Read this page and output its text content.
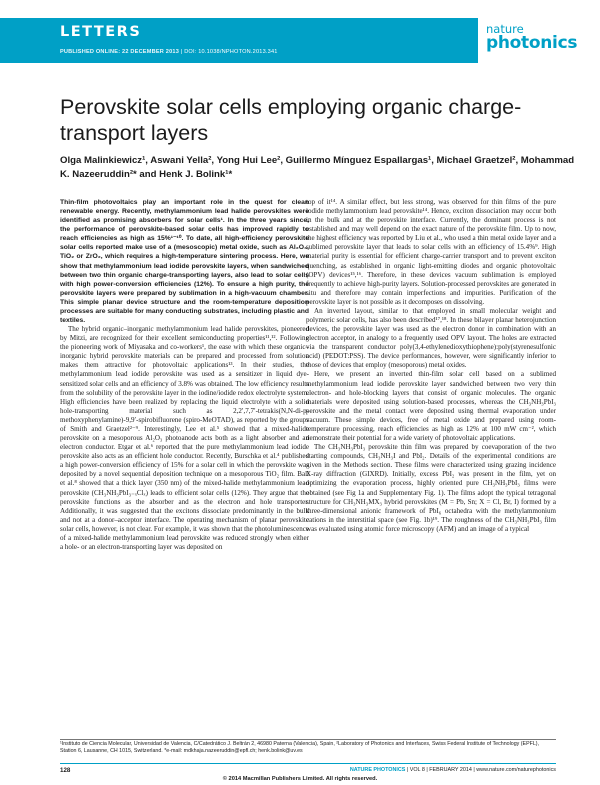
LETTERS
PUBLISHED ONLINE: 22 DECEMBER 2013 | DOI: 10.1038/NPHOTON.2013.341
nature
photonics
Perovskite solar cells employing organic charge-transport layers
Olga Malinkiewicz¹, Aswani Yella², Yong Hui Lee², Guillermo Mínguez Espallargas¹, Michael Graetzel², Mohammad K. Nazeeruddin²* and Henk J. Bolink¹*

Thin-film photovoltaics play an important role in the quest for clean renewable energy. Recently, methylammonium lead halide perovskites were identified as promising absorbers for solar cells¹. In the three years since, the performance of perovskite-based solar cells has improved rapidly to reach efficiencies as high as 15%¹⁻¹⁰. To date, all high-efficiency perovskite solar cells reported make use of a (mesoscopic) metal oxide, such as Al₂O₃, TiO₂ or ZrO₂, which requires a high-temperature sintering process. Here, we show that methylammonium lead iodide perovskite layers, when sandwiched between two thin organic charge-transporting layers, also lead to solar cells with high power-conversion efficiencies (12%). To ensure a high purity, the perovskite layers were prepared by sublimation in a high-vacuum chamber. This simple planar device structure and the room-temperature deposition processes are suitable for many conducting substrates, including plastic and textiles.

The hybrid organic–inorganic methylammonium lead halide perovskites, pioneered by Mitzi, are recognized for their excellent semiconducting properties¹¹,¹². Following the pioneering work of Miyasaka and co-workers¹, the ease with which these organic–inorganic hybrid perovskite materials can be prepared and processed from solution makes them attractive for photovoltaic applications¹³. In their studies, the methylammonium lead iodide perovskite was used as a sensitizer in liquid dye-sensitized solar cells and an efficiency of 3.8% was obtained. The low efficiency results from the solubility of the perovskite layer in the iodine/iodide redox electrolyte system. High efficiencies have been realized by replacing the liquid electrolyte with a solid hole-transporting material such as 2,2′,7,7′-tetrakis(N,N-di-p-methoxyphenylamine)-9,9′-spirobifluorene (spiro-MeOTAD), as reported by the groups of Smith and Graetzel²⁻⁹. Interestingly, Lee et al.⁵ showed that a mixed-halide perovskite on a mesoporous Al₂O₃ photoanode acts both as a light absorber and an electron conductor. Etgar et al.⁶ reported that the pure methylammonium lead iodide perovskite also acts as an efficient hole conductor. Recently, Burschka et al.⁴ published a high power-conversion efficiency of 15% for a solar cell in which the perovskite was deposited by a novel sequential deposition technique on a mesoporous TiO₂ film. Ball et al.⁸ showed that a thick layer (350 nm) of the mixed-halide methylammonium lead perovskite (CH₃NH₃PbI₃₋ₓClₓ) leads to efficient solar cells (12%). They argue that the perovskite functions as the absorber and as the electron and hole transporter. Additionally, it was suggested that the excitons dissociate predominantly in the bulk and not at a donor–acceptor interface. The operating mechanism of planar perovskite solar cells, however, is not clear. For example, it was shown that the photoluminescence of a mixed-halide methylammonium lead perovskite was reduced strongly when either a hole- or an electron-transporting layer was deposited on

top of it¹⁴. A similar effect, but less strong, was observed for thin films of the pure iodide methylammonium lead perovskite¹⁴. Hence, exciton dissociation may occur both in the bulk and at the perovskite interface. Currently, the dominant process is not established and may well depend on the exact nature of the perovskite film. Up to now, the highest efficiency was reported by Liu et al., who used a thin metal oxide layer and a sublimed perovskite layer that leads to solar cells with an efficiency of 15.4%⁹. High material purity is essential for efficient charge-carrier transport and to prevent exciton quenching, as established in organic light-emitting diodes and organic photovoltaic (OPV) devices¹⁵,¹⁶. Therefore, in these devices vacuum sublimation is employed frequently to achieve high-purity layers. Solution-processed perovskites are generated in situ and therefore may contain imperfections and impurities. Purification of the perovskite layer is not possible as it decomposes on dissolving.

An inverted layout, similar to that employed in small molecular weight and polymeric solar cells, has also been described¹⁷,¹⁸. In these bilayer planar heterojunction devices, the perovskite layer was used as the electron donor in combination with an electron acceptor, in analogy to a frequently used OPV layout. The holes are extracted via the transparent conductor poly(3,4-ethylenedioxythiophene):poly(styrenesulfonic acid) (PEDOT:PSS). The device performances, however, were significantly inferior to those of devices that employ (mesoporous) metal oxides.

Here, we present an inverted thin-film solar cell based on a sublimed methylammonium lead iodide perovskite layer sandwiched between two very thin electron- and hole-blocking layers that consist of organic molecules. The organic materials were deposited using solution-based processes, whereas the CH₃NH₃PbI₃ perovskite and the metal contact were deposited using thermal evaporation under vacuum. These simple devices, free of metal oxide and prepared using room-temperature processing, reach efficiencies as high as 12% at 100 mW cm⁻², which demonstrate their potential for a wide variety of photovoltaic applications.

The CH₃NH₃PbI₃ perovskite thin film was prepared by coevaporation of the two starting compounds, CH₃NH₃I and PbI₂. Details of the experimental conditions are given in the Methods section. These films were characterized using grazing incidence X-ray diffraction (GIXRD). Initially, excess PbI₂ was present in the film, yet on optimizing the evaporation process, highly oriented pure CH₃NH₃PbI₃ films were obtained (see Fig 1a and Supplementary Fig. 1). The films adopt the typical tetragonal structure for CH₃NH₃MX₃ hybrid perovskites (M = Pb, Sn; X = Cl, Br, I) formed by a three-dimensional anionic framework of PbI₆ octahedra with the methylammonium cations in the interstitial space (see Fig. 1b)¹⁹. The roughness of the CH₃NH₃PbI₃ film was evaluated using atomic force microscopy (AFM) and an image of a typical

¹Instituto de Ciencia Molecular, Universidad de Valencia, C/Catedrático J. Beltrán 2, 46980 Paterna (Valencia), Spain, ²Laboratory of Photonics and Interfaces, Swiss Federal Institute of Technology (EPFL), Station 6, Lausanne, CH 1015, Switzerland. *e-mail: mdkhaja.nazeeruddin@epfl.ch; henk.bolink@uv.es
128	NATURE PHOTONICS | VOL 8 | FEBRUARY 2014 | www.nature.com/naturephotonics
© 2014 Macmillan Publishers Limited. All rights reserved.
